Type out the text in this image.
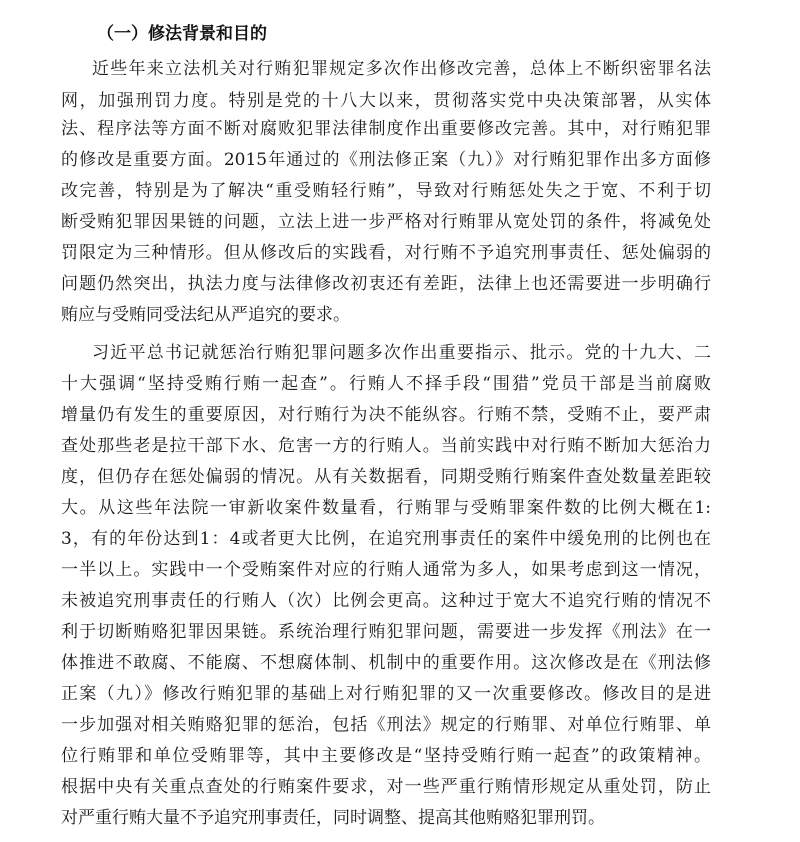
（一）修法背景和目的
近些年来立法机关对行贿犯罪规定多次作出修改完善，总体上不断织密罪名法
网，加强刑罚力度。特别是党的十八大以来，贯彻落实党中央决策部署，从实体
法、程序法等方面不断对腐败犯罪法律制度作出重要修改完善。其中，对行贿犯罪
的修改是重要方面。2015年通过的《刑法修正案（九）》对行贿犯罪作出多方面修
改完善，特别是为了解决“重受贿轻行贿”，导致对行贿惩处失之于宽、不利于切
断受贿犯罪因果链的问题，立法上进一步严格对行贿罪从宽处罚的条件，将减免处
罚限定为三种情形。但从修改后的实践看，对行贿不予追究刑事责任、惩处偏弱的
问题仍然突出，执法力度与法律修改初衷还有差距，法律上也还需要进一步明确行
贿应与受贿同受法纪从严追究的要求。
习近平总书记就惩治行贿犯罪问题多次作出重要指示、批示。党的十九大、二
十大强调“坚持受贿行贿一起查”。行贿人不择手段“围猎”党员干部是当前腐败
增量仍有发生的重要原因，对行贿行为决不能纵容。行贿不禁，受贿不止，要严肃
查处那些老是拉干部下水、危害一方的行贿人。当前实践中对行贿不断加大惩治力
度，但仍存在惩处偏弱的情况。从有关数据看，同期受贿行贿案件查处数量差距较
大。从这些年法院一审新收案件数量看，行贿罪与受贿罪案件数的比例大概在1:
3，有的年份达到1：4或者更大比例，在追究刑事责任的案件中缓免刑的比例也在
一半以上。实践中一个受贿案件对应的行贿人通常为多人，如果考虑到这一情况，
未被追究刑事责任的行贿人（次）比例会更高。这种过于宽大不追究行贿的情况不
利于切断贿赂犯罪因果链。系统治理行贿犯罪问题，需要进一步发挥《刑法》在一
体推进不敢腐、不能腐、不想腐体制、机制中的重要作用。这次修改是在《刑法修
正案（九）》修改行贿犯罪的基础上对行贿犯罪的又一次重要修改。修改目的是进
一步加强对相关贿赂犯罪的惩治，包括《刑法》规定的行贿罪、对单位行贿罪、单
位行贿罪和单位受贿罪等，其中主要修改是“坚持受贿行贿一起查”的政策精神。
根据中央有关重点查处的行贿案件要求，对一些严重行贿情形规定从重处罚，防止
对严重行贿大量不予追究刑事责任，同时调整、提高其他贿赂犯罪刑罚。
